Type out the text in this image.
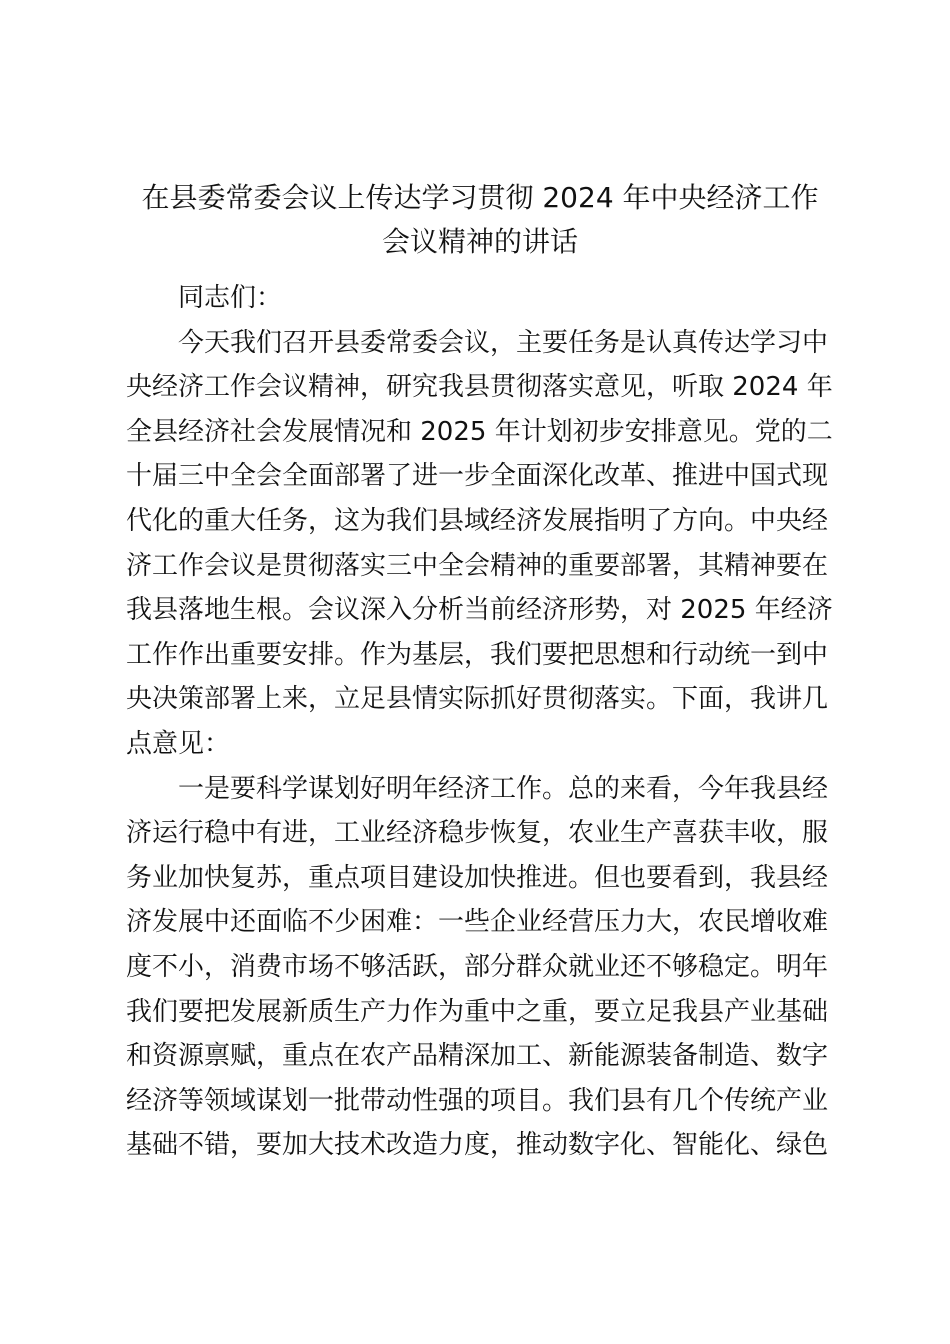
在县委常委会议上传达学习贯彻 2024 年中央经济工作
会议精神的讲话

同志们：

今天我们召开县委常委会议，主要任务是认真传达学习中
央经济工作会议精神，研究我县贯彻落实意见，听取 2024 年
全县经济社会发展情况和 2025 年计划初步安排意见。党的二
十届三中全会全面部署了进一步全面深化改革、推进中国式现
代化的重大任务，这为我们县域经济发展指明了方向。中央经
济工作会议是贯彻落实三中全会精神的重要部署，其精神要在
我县落地生根。会议深入分析当前经济形势，对 2025 年经济
工作作出重要安排。作为基层，我们要把思想和行动统一到中
央决策部署上来，立足县情实际抓好贯彻落实。下面，我讲几
点意见：

一是要科学谋划好明年经济工作。总的来看，今年我县经
济运行稳中有进，工业经济稳步恢复，农业生产喜获丰收，服
务业加快复苏，重点项目建设加快推进。但也要看到，我县经
济发展中还面临不少困难：一些企业经营压力大，农民增收难
度不小，消费市场不够活跃，部分群众就业还不够稳定。明年
我们要把发展新质生产力作为重中之重，要立足我县产业基础
和资源禀赋，重点在农产品精深加工、新能源装备制造、数字
经济等领域谋划一批带动性强的项目。我们县有几个传统产业
基础不错，要加大技术改造力度，推动数字化、智能化、绿色
